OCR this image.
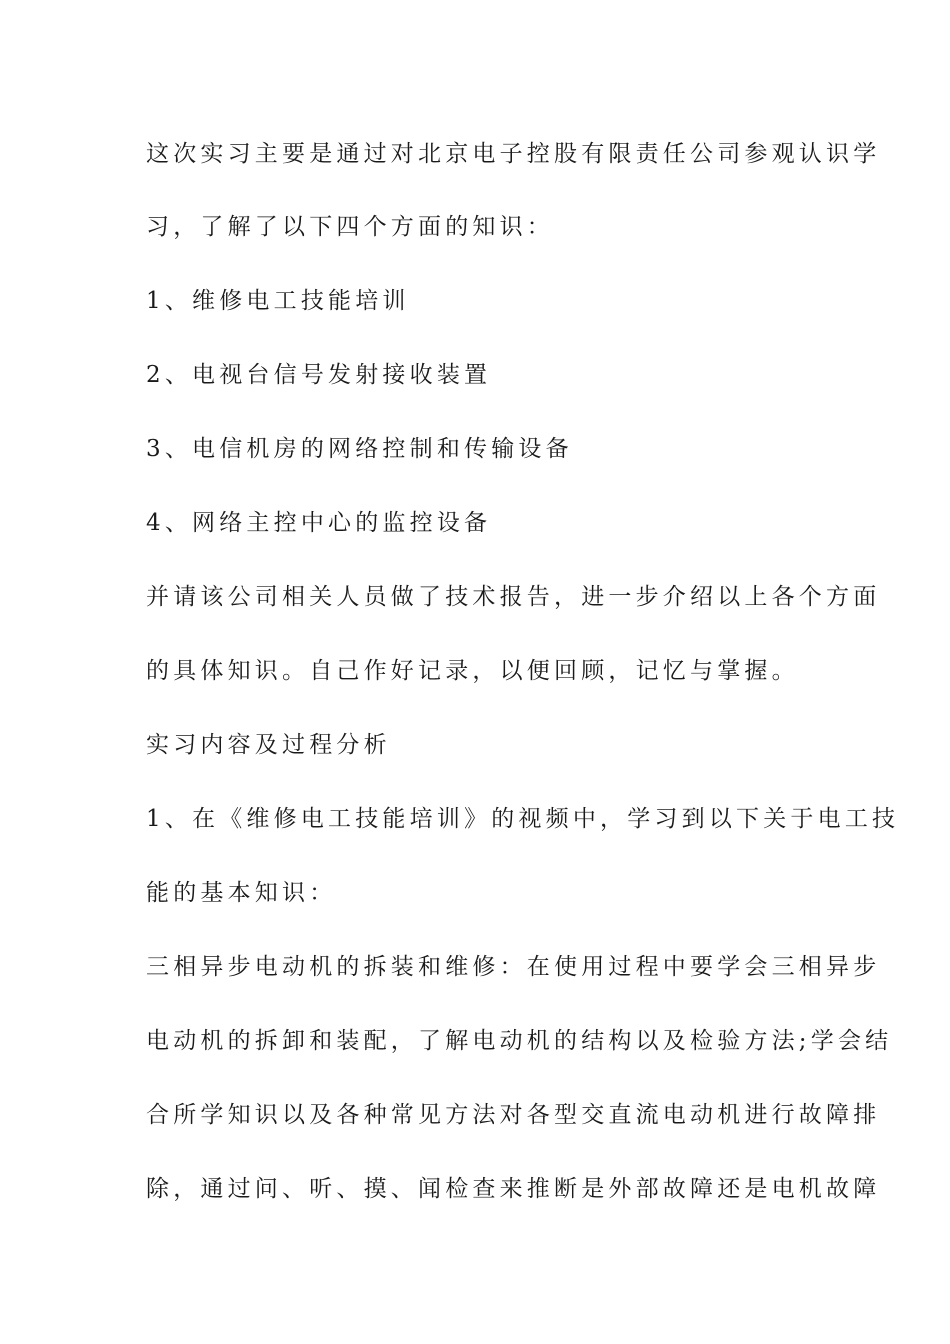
这次实习主要是通过对北京电子控股有限责任公司参观认识学
习，了解了以下四个方面的知识：
1、维修电工技能培训
2、电视台信号发射接收装置
3、电信机房的网络控制和传输设备
4、网络主控中心的监控设备
并请该公司相关人员做了技术报告，进一步介绍以上各个方面
的具体知识。自己作好记录，以便回顾，记忆与掌握。
实习内容及过程分析
1、在《维修电工技能培训》的视频中，学习到以下关于电工技
能的基本知识：
三相异步电动机的拆装和维修：在使用过程中要学会三相异步
电动机的拆卸和装配，了解电动机的结构以及检验方法;学会结
合所学知识以及各种常见方法对各型交直流电动机进行故障排
除，通过问、听、摸、闻检查来推断是外部故障还是电机故障
